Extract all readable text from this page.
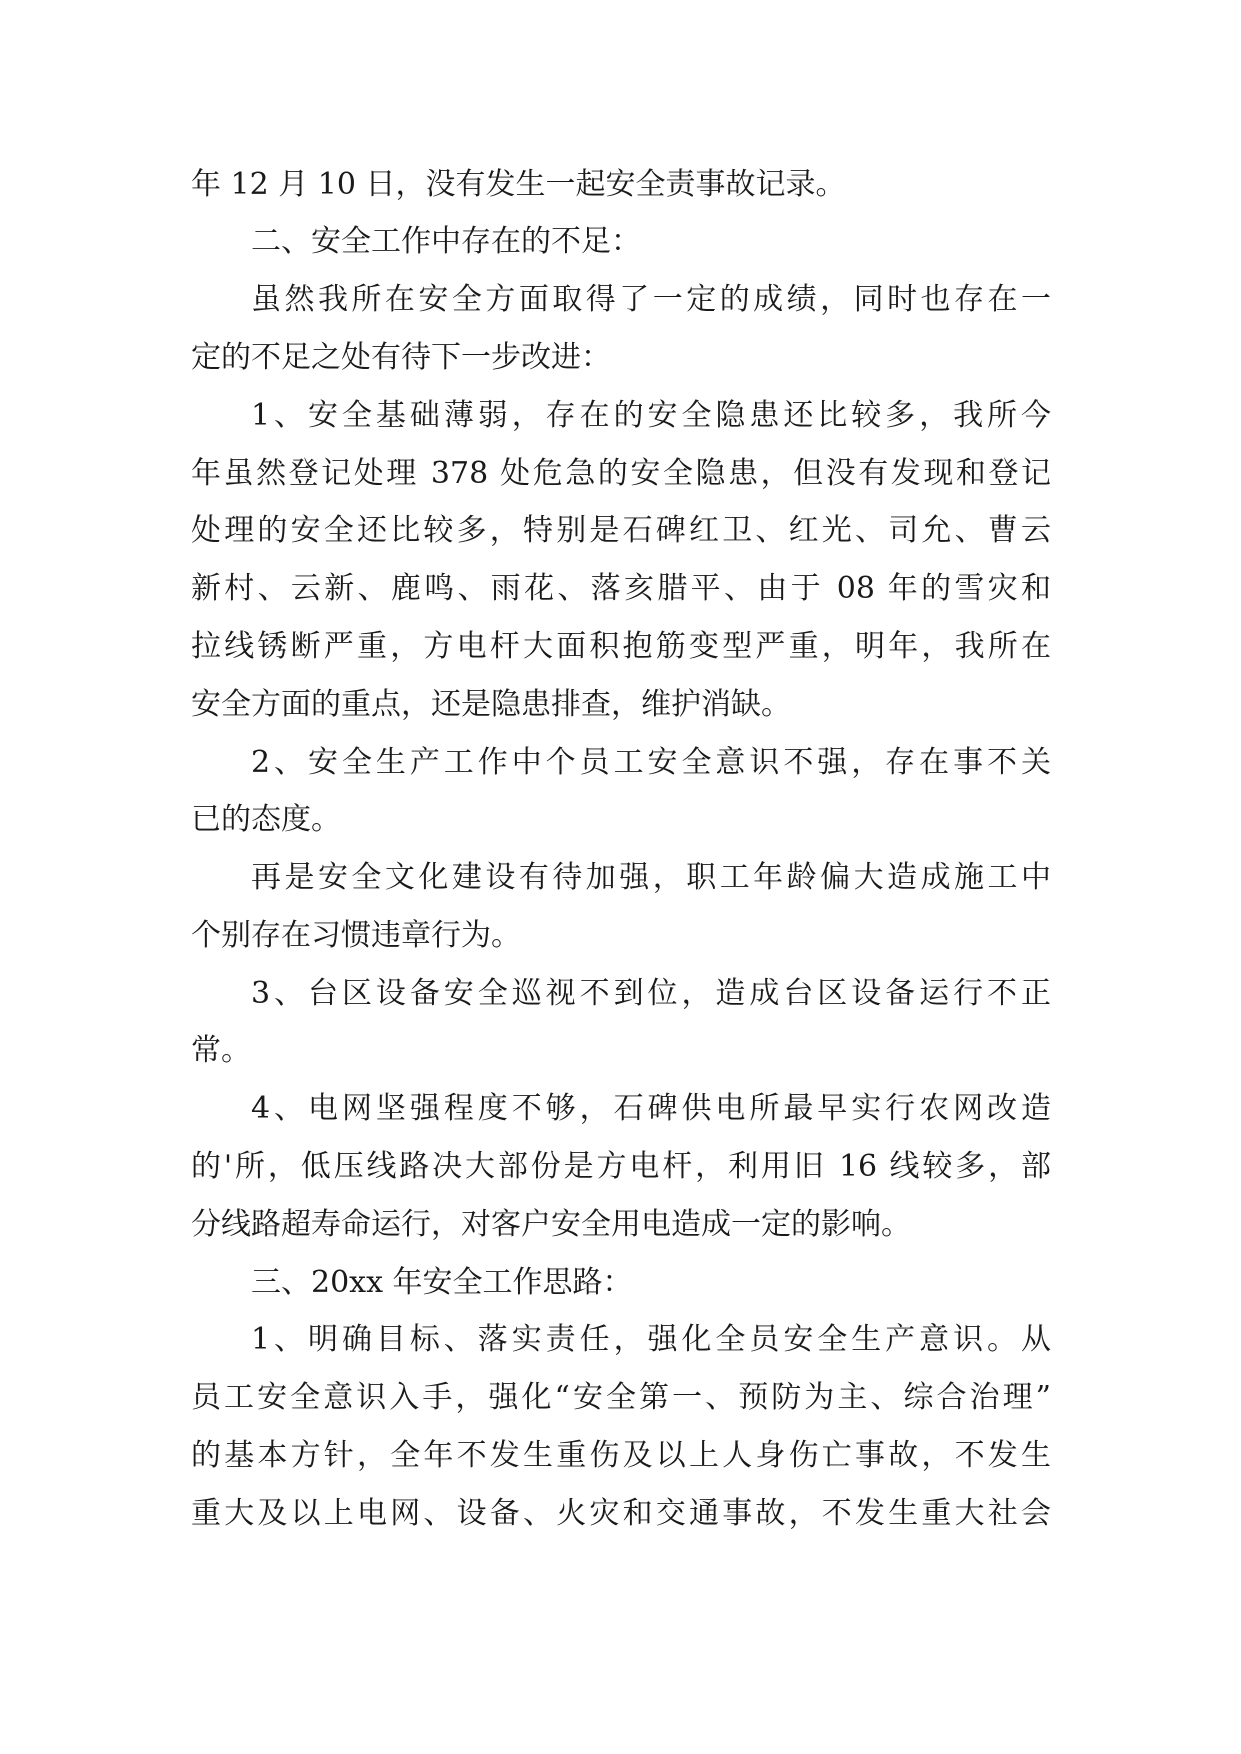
年 12 月 10 日，没有发生一起安全责事故记录。
二、安全工作中存在的不足：
虽然我所在安全方面取得了一定的成绩，同时也存在一
定的不足之处有待下一步改进：
1、安全基础薄弱，存在的安全隐患还比较多，我所今
年虽然登记处理 378 处危急的安全隐患，但没有发现和登记
处理的安全还比较多，特别是石碑红卫、红光、司允、曹云
新村、云新、鹿鸣、雨花、落亥腊平、由于 08 年的雪灾和
拉线锈断严重，方电杆大面积抱筋变型严重，明年，我所在
安全方面的重点，还是隐患排查，维护消缺。
2、安全生产工作中个员工安全意识不强，存在事不关
已的态度。
再是安全文化建设有待加强，职工年龄偏大造成施工中
个别存在习惯违章行为。
3、台区设备安全巡视不到位，造成台区设备运行不正
常。
4、电网坚强程度不够，石碑供电所最早实行农网改造
的'所，低压线路决大部份是方电杆，利用旧 16 线较多，部
分线路超寿命运行，对客户安全用电造成一定的影响。
三、20xx 年安全工作思路：
1、明确目标、落实责任，强化全员安全生产意识。从
员工安全意识入手，强化“安全第一、预防为主、综合治理”
的基本方针，全年不发生重伤及以上人身伤亡事故，不发生
重大及以上电网、设备、火灾和交通事故，不发生重大社会
